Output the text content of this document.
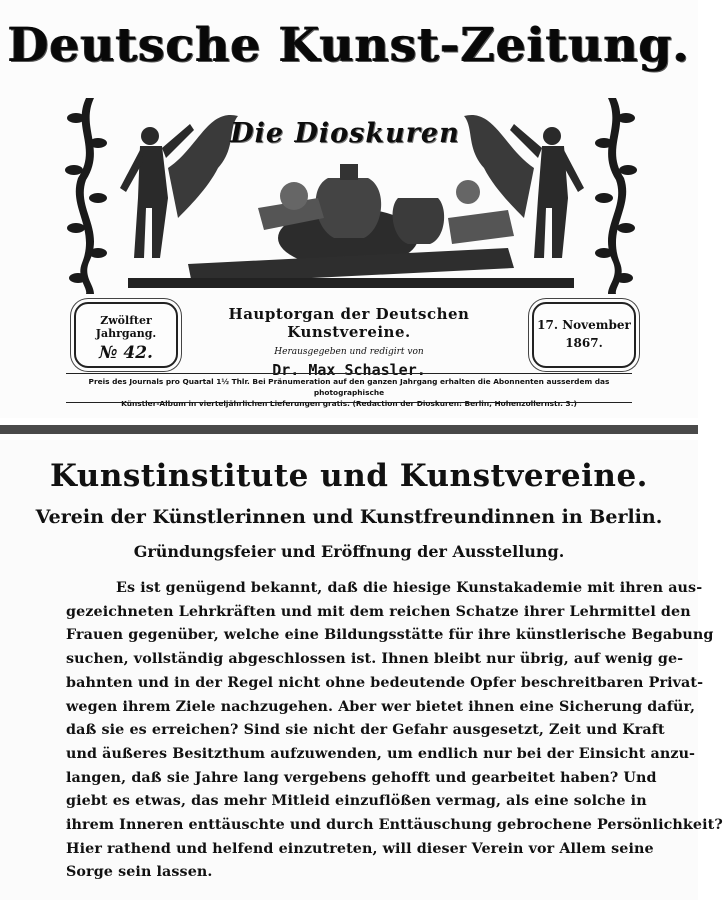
Deutsche Kunst-Zeitung.
Die Dioskuren
Zwölfter Jahrgang.
№ 42.
Hauptorgan der Deutschen Kunstvereine.
Herausgegeben und redigirt von
Dr. Max Schasler.
17. November
1867.
Preis des Journals pro Quartal 1½ Thlr. Bei Pränumeration auf den ganzen Jahrgang erhalten die Abonnenten ausserdem das photographische
Künstler-Album in vierteljährlichen Lieferungen gratis. (Redaction der Dioskuren: Berlin, Hohenzollernstr. 3.)
Kunstinstitute und Kunstvereine.
Verein der Künstlerinnen und Kunstfreundinnen in Berlin.
Gründungsfeier und Eröffnung der Ausstellung.
Es ist genügend bekannt, daß die hiesige Kunstakademie mit ihren aus-
gezeichneten Lehrkräften und mit dem reichen Schatze ihrer Lehrmittel den
Frauen gegenüber, welche eine Bildungsstätte für ihre künstlerische Begabung
suchen, vollständig abgeschlossen ist. Ihnen bleibt nur übrig, auf wenig ge-
bahnten und in der Regel nicht ohne bedeutende Opfer beschreitbaren Privat-
wegen ihrem Ziele nachzugehen. Aber wer bietet ihnen eine Sicherung dafür,
daß sie es erreichen? Sind sie nicht der Gefahr ausgesetzt, Zeit und Kraft
und äußeres Besitzthum aufzuwenden, um endlich nur bei der Einsicht anzu-
langen, daß sie Jahre lang vergebens gehofft und gearbeitet haben? Und
giebt es etwas, das mehr Mitleid einzuflößen vermag, als eine solche in
ihrem Inneren enttäuschte und durch Enttäuschung gebrochene Persönlichkeit?
Hier rathend und helfend einzutreten, will dieser Verein vor Allem seine
Sorge sein lassen.
